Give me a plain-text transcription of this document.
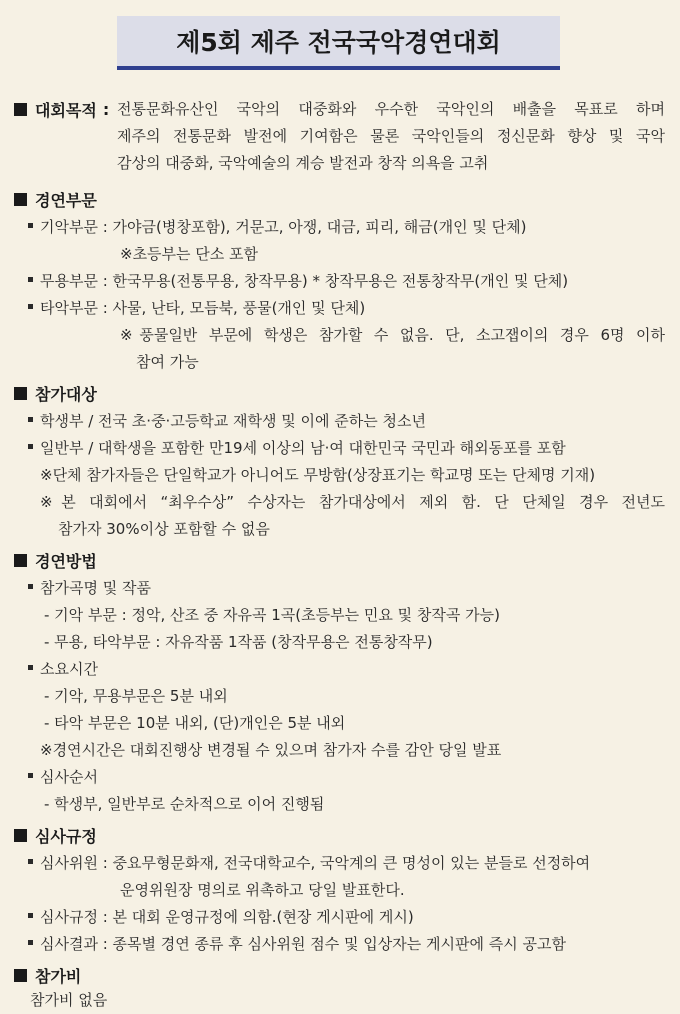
제5회 제주 전국국악경연대회
대회목적 : 전통문화유산인 국악의 대중화와 우수한 국악인의 배출을 목표로 하며
제주의 전통문화 발전에 기여함은 물론 국악인들의 정신문화 향상 및 국악
감상의 대중화, 국악예술의 계승 발전과 창작 의욕을 고취
경연부문
기악부문 : 가야금(병창포함), 거문고, 아쟁, 대금, 피리, 해금(개인 및 단체)
※초등부는 단소 포함
무용부문 : 한국무용(전통무용, 창작무용) * 창작무용은 전통창작무(개인 및 단체)
타악부문 : 사물, 난타, 모듬북, 풍물(개인 및 단체)
※풍물일반 부문에 학생은 참가할 수 없음. 단, 소고잽이의 경우 6명 이하
참여 가능
참가대상
학생부 / 전국 초·중·고등학교 재학생 및 이에 준하는 청소년
일반부 / 대학생을 포함한 만19세 이상의 남·여 대한민국 국민과 해외동포를 포함
※단체 참가자들은 단일학교가 아니어도 무방함(상장표기는 학교명 또는 단체명 기재)
※본 대회에서 “최우수상” 수상자는 참가대상에서 제외 함. 단 단체일 경우 전년도
참가자 30%이상 포함할 수 없음
경연방법
참가곡명 및 작품
- 기악 부문 : 정악, 산조 중 자유곡 1곡(초등부는 민요 및 창작곡 가능)
- 무용, 타악부문 : 자유작품 1작품 (창작무용은 전통창작무)
소요시간
- 기악, 무용부문은 5분 내외
- 타악 부문은 10분 내외, (단)개인은 5분 내외
※경연시간은 대회진행상 변경될 수 있으며 참가자 수를 감안 당일 발표
심사순서
- 학생부, 일반부로 순차적으로 이어 진행됨
심사규정
심사위원 : 중요무형문화재, 전국대학교수, 국악계의 큰 명성이 있는 분들로 선정하여
운영위원장 명의로 위촉하고 당일 발표한다.
심사규정 : 본 대회 운영규정에 의함.(현장 게시판에 게시)
심사결과 : 종목별 경연 종류 후 심사위원 점수 및 입상자는 게시판에 즉시 공고함
참가비
참가비 없음
